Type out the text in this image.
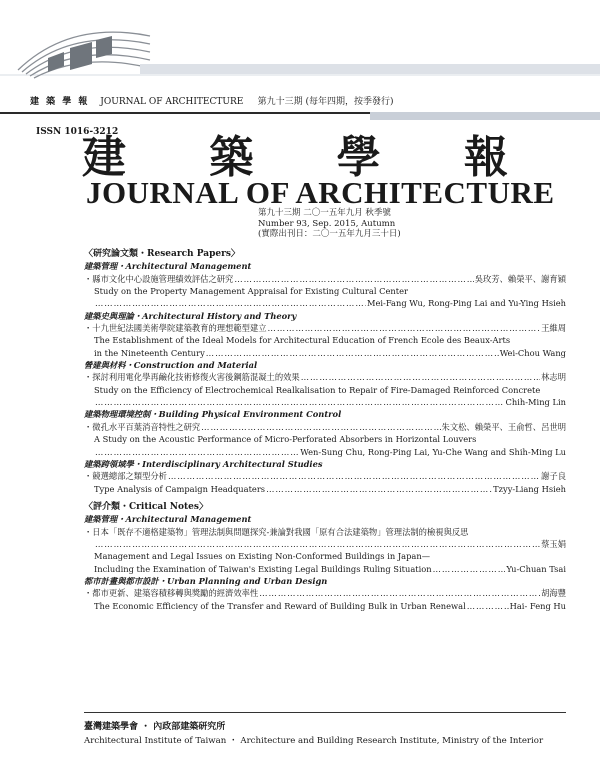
建 築 學 報 JOURNAL OF ARCHITECTURE 第九十三期 (每年四期，按季發行)
ISSN 1016-3212
建 築 學 報
JOURNAL OF ARCHITECTURE
第九十三期 二〇一五年九月 秋季號
Number 93, Sep. 2015, Autumn
(實際出刊日：二〇一五年九月三十日)
〈研究論文類・Research Papers〉
建築管理・Architectural Management
・縣市文化中心設施管理績效評估之研究 ………………………………………………………………………………………………………………………………………………………………………………………………	吳玫芳、賴榮平、謝育穎
Study on the Property Management Appraisal for Existing Cultural Center
………………………………………………………………………………………………………………………………………………………………………………………………
Mei-Fang Wu, Rong-Ping Lai and Yu-Ying Hsieh
建築史與理論・Architectural History and Theory
・十九世紀法國美術學院建築教育的理想範型建立 ………………………………………………………………………………………………………………………………………………………………………………………………	王維周
The Establishment of the Ideal Models for Architectural Education of French Ecole des Beaux-Arts
in the Nineteenth Century ………………………………………………………………………………………………………………………………………………………………………………………………	Wei-Chou Wang
營建與材料・Construction and Material
・探討利用電化學再鹼化技術修復火害後鋼筋混凝土的效果 ………………………………………………………………………………………………………………………………………………………………………………………………	林志明
Study on the Efficiency of Electrochemical Realkalisation to Repair of Fire-Damaged Reinforced Concrete
………………………………………………………………………………………………………………………………………………………………………………………………
Chih-Ming Lin
建築物理環境控制・Building Physical Environment Control
・微孔水平百葉消音特性之研究 ………………………………………………………………………………………………………………………………………………………………………………………………	朱文松、賴榮平、王俞哲、呂世明
A Study on the Acoustic Performance of Micro-Perforated Absorbers in Horizontal Louvers
………………………………………………………………………………………………………………………………………………………………………………………………
Wen-Sung Chu, Rong-Ping Lai, Yu-Che Wang and Shih-Ming Lu
建築跨領域學・Interdisciplinary Architectural Studies
・競選總部之類型分析 ………………………………………………………………………………………………………………………………………………………………………………………………	謝子良
Type Analysis of Campaign Headquaters ………………………………………………………………………………………………………………………………………………………………………………………………	Tzyy-Liang Hsieh
〈評介類・Critical Notes〉
建築管理・Architectural Management
・日本「既存不適格建築物」管理法制與問題探究-兼論對我國「原有合法建築物」管理法制的檢視與反思
………………………………………………………………………………………………………………………………………………………………………………………………
蔡玉娟
Management and Legal Issues on Existing Non-Conformed Buildings in Japan—
Including the Examination of Taiwan's Existing Legal Buildings Ruling Situation ………………………………………………………………………………………………………………………………………………………………………………………………	Yu-Chuan Tsai
都市計畫與都市設計・Urban Planning and Urban Design
・都市更新、建築容積移轉與獎勵的經濟效率性 ………………………………………………………………………………………………………………………………………………………………………………………………	胡海豐
The Economic Efficiency of the Transfer and Reward of Building Bulk in Urban Renewal ………………………………………………………………………………………………………………………………………………………………………………………………	Hai- Feng Hu
臺灣建築學會 ・ 內政部建築研究所
Architectural Institute of Taiwan ・ Architecture and Building Research Institute, Ministry of the Interior
